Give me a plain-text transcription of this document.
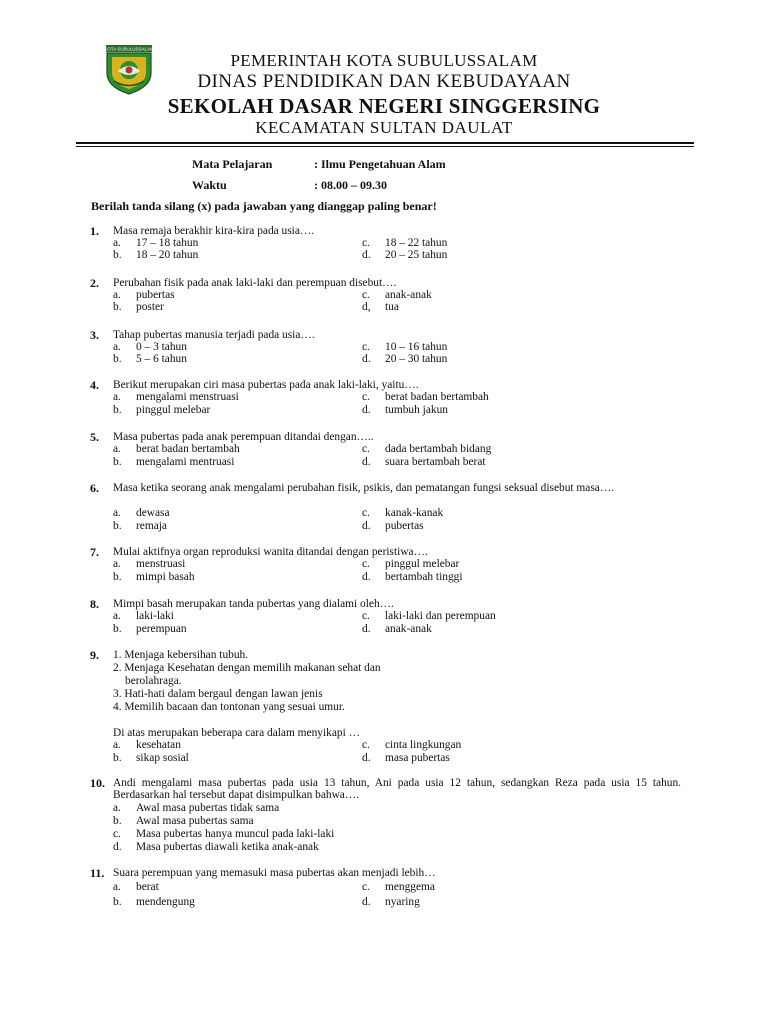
KOTA SUBULUSSALAM
PEMERINTAH KOTA SUBULUSSALAM
DINAS PENDIDIKAN DAN KEBUDAYAAN
SEKOLAH DASAR NEGERI SINGGERSING
KECAMATAN SULTAN DAULAT
Mata Pelajaran	: Ilmu Pengetahuan Alam
Waktu	: 08.00 – 09.30
Berilah tanda silang (x) pada jawaban yang dianggap paling benar!
1. Masa remaja berakhir kira-kira pada usia….
a.	17 – 18 tahun
b.	18 – 20 tahun
c.	18 – 22 tahun
d.	20 – 25 tahun
2. Perubahan fisik pada anak laki-laki dan perempuan disebut….
a.	pubertas
b.	poster
c.	anak-anak
d,	tua
3. Tahap pubertas manusia terjadi pada usia….
a.	0 – 3 tahun
b.	5 – 6 tahun
c.	10 – 16 tahun
d.	20 – 30 tahun
4. Berikut merupakan ciri masa pubertas pada anak laki-laki, yaitu….
a.	mengalami menstruasi
b.	pinggul melebar
c.	berat badan bertambah
d.	tumbuh jakun
5. Masa pubertas pada anak perempuan ditandai dengan…..
a.	berat badan bertambah
b.	mengalami mentruasi
c.	dada bertambah bidang
d.	suara bertambah berat
6. Masa ketika seorang anak mengalami perubahan fisik, psikis, dan pematangan fungsi seksual disebut masa….
a.	dewasa
b.	remaja
c.	kanak-kanak
d.	pubertas
7. Mulai aktifnya organ reproduksi wanita ditandai dengan peristiwa….
a.	menstruasi
b.	mimpi basah
c.	pinggul melebar
d.	bertambah tinggi
8. Mimpi basah merupakan tanda pubertas yang dialami oleh….
a.	laki-laki
b.	perempuan
c.	laki-laki dan perempuan
d.	anak-anak
9. 1. Menjaga kebersihan tubuh.
2. Menjaga Kesehatan dengan memilih makanan sehat dan
berolahraga.
3. Hati-hati dalam bergaul dengan lawan jenis
4. Memilih bacaan dan tontonan yang sesuai umur.
Di atas merupakan beberapa cara dalam menyikapi …
a.	kesehatan
b.	sikap sosial
c.	cinta lingkungan
d.	masa pubertas
10. Andi mengalami masa pubertas pada usia 13 tahun, Ani pada usia 12 tahun, sedangkan Reza pada usia 15 tahun. Berdasarkan hal tersebut dapat disimpulkan bahwa….
a.	Awal masa pubertas tidak sama
b.	Awal masa pubertas sama
c.	Masa pubertas hanya muncul pada laki-laki
d.	Masa pubertas diawali ketika anak-anak
11. Suara perempuan yang memasuki masa pubertas akan menjadi lebih…
a.	berat
b.	mendengung
c.	menggema
d.	nyaring
